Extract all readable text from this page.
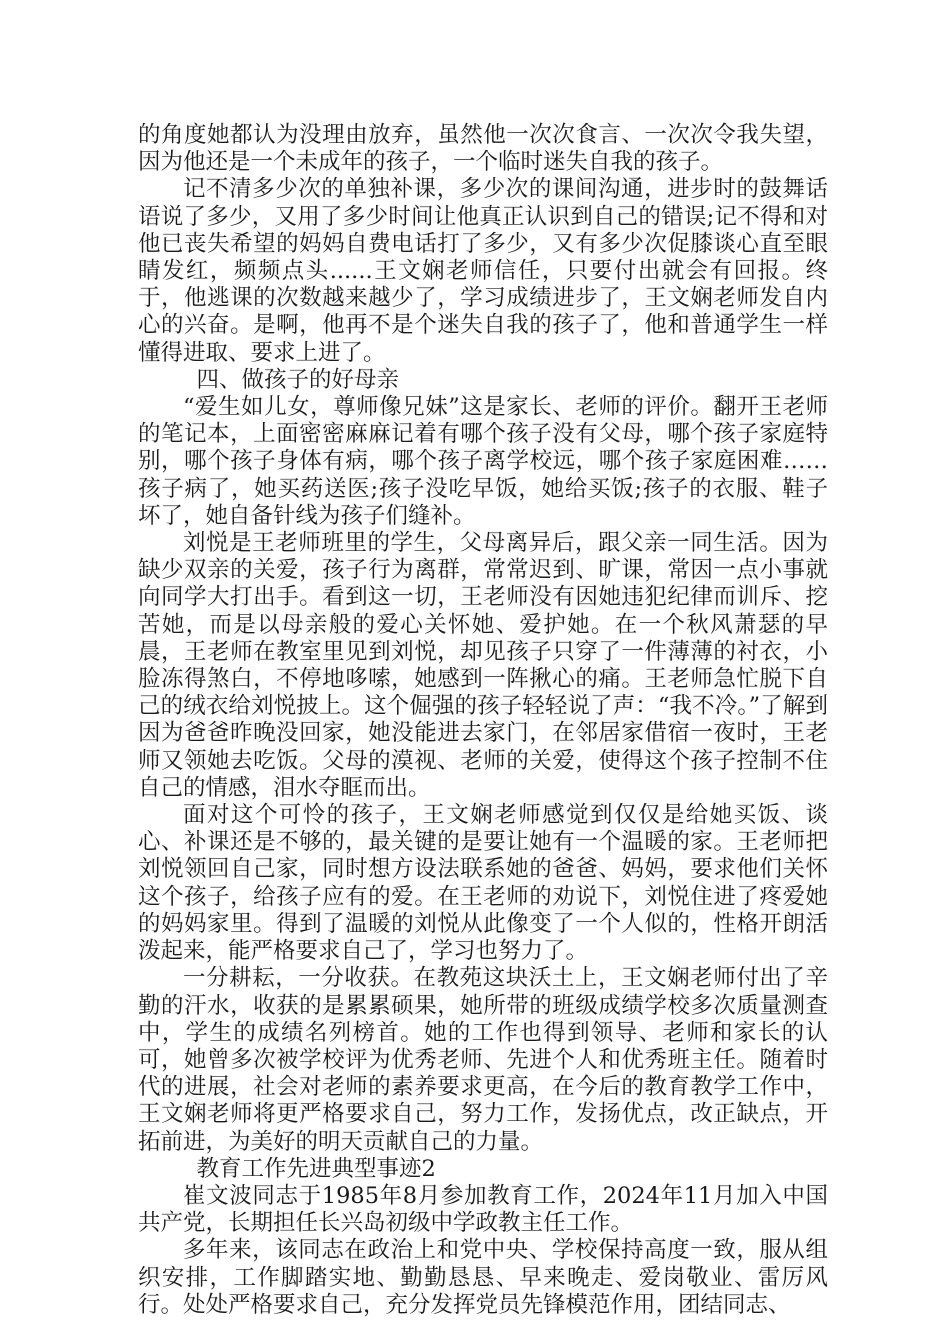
的角度她都认为没理由放弃，虽然他一次次食言、一次次令我失望，因为他还是一个未成年的孩子，一个临时迷失自我的孩子。

记不清多少次的单独补课，多少次的课间沟通，进步时的鼓舞话语说了多少，又用了多少时间让他真正认识到自己的错误;记不得和对他已丧失希望的妈妈自费电话打了多少，又有多少次促膝谈心直至眼睛发红，频频点头......王文娴老师信任，只要付出就会有回报。终于，他逃课的次数越来越少了，学习成绩进步了，王文娴老师发自内心的兴奋。是啊，他再不是个迷失自我的孩子了，他和普通学生一样懂得进取、要求上进了。

四、做孩子的好母亲

“爱生如儿女，尊师像兄妹”这是家长、老师的评价。翻开王老师的笔记本，上面密密麻麻记着有哪个孩子没有父母，哪个孩子家庭特别，哪个孩子身体有病，哪个孩子离学校远，哪个孩子家庭困难……孩子病了，她买药送医;孩子没吃早饭，她给买饭;孩子的衣服、鞋子坏了，她自备针线为孩子们缝补。

刘悦是王老师班里的学生，父母离异后，跟父亲一同生活。因为缺少双亲的关爱，孩子行为离群，常常迟到、旷课，常因一点小事就向同学大打出手。看到这一切，王老师没有因她违犯纪律而训斥、挖苦她，而是以母亲般的爱心关怀她、爱护她。在一个秋风萧瑟的早晨，王老师在教室里见到刘悦，却见孩子只穿了一件薄薄的衬衣，小脸冻得煞白，不停地哆嗦，她感到一阵揪心的痛。王老师急忙脱下自己的绒衣给刘悦披上。这个倔强的孩子轻轻说了声：“我不冷。”了解到因为爸爸昨晚没回家，她没能进去家门，在邻居家借宿一夜时，王老师又领她去吃饭。父母的漠视、老师的关爱，使得这个孩子控制不住自己的情感，泪水夺眶而出。

面对这个可怜的孩子，王文娴老师感觉到仅仅是给她买饭、谈心、补课还是不够的，最关键的是要让她有一个温暖的家。王老师把刘悦领回自己家，同时想方设法联系她的爸爸、妈妈，要求他们关怀这个孩子，给孩子应有的爱。在王老师的劝说下，刘悦住进了疼爱她的妈妈家里。得到了温暖的刘悦从此像变了一个人似的，性格开朗活泼起来，能严格要求自己了，学习也努力了。

一分耕耘，一分收获。在教苑这块沃土上，王文娴老师付出了辛勤的汗水，收获的是累累硕果，她所带的班级成绩学校多次质量测查中，学生的成绩名列榜首。她的工作也得到领导、老师和家长的认可，她曾多次被学校评为优秀老师、先进个人和优秀班主任。随着时代的进展，社会对老师的素养要求更高，在今后的教育教学工作中，王文娴老师将更严格要求自己，努力工作，发扬优点，改正缺点，开拓前进，为美好的明天贡献自己的力量。

教育工作先进典型事迹2

崔文波同志于1985年8月参加教育工作，2024年11月加入中国共产党，长期担任长兴岛初级中学政教主任工作。

多年来，该同志在政治上和党中央、学校保持高度一致，服从组织安排，工作脚踏实地、勤勤恳恳、早来晚走、爱岗敬业、雷厉风行。处处严格要求自己，充分发挥党员先锋模范作用，团结同志、
